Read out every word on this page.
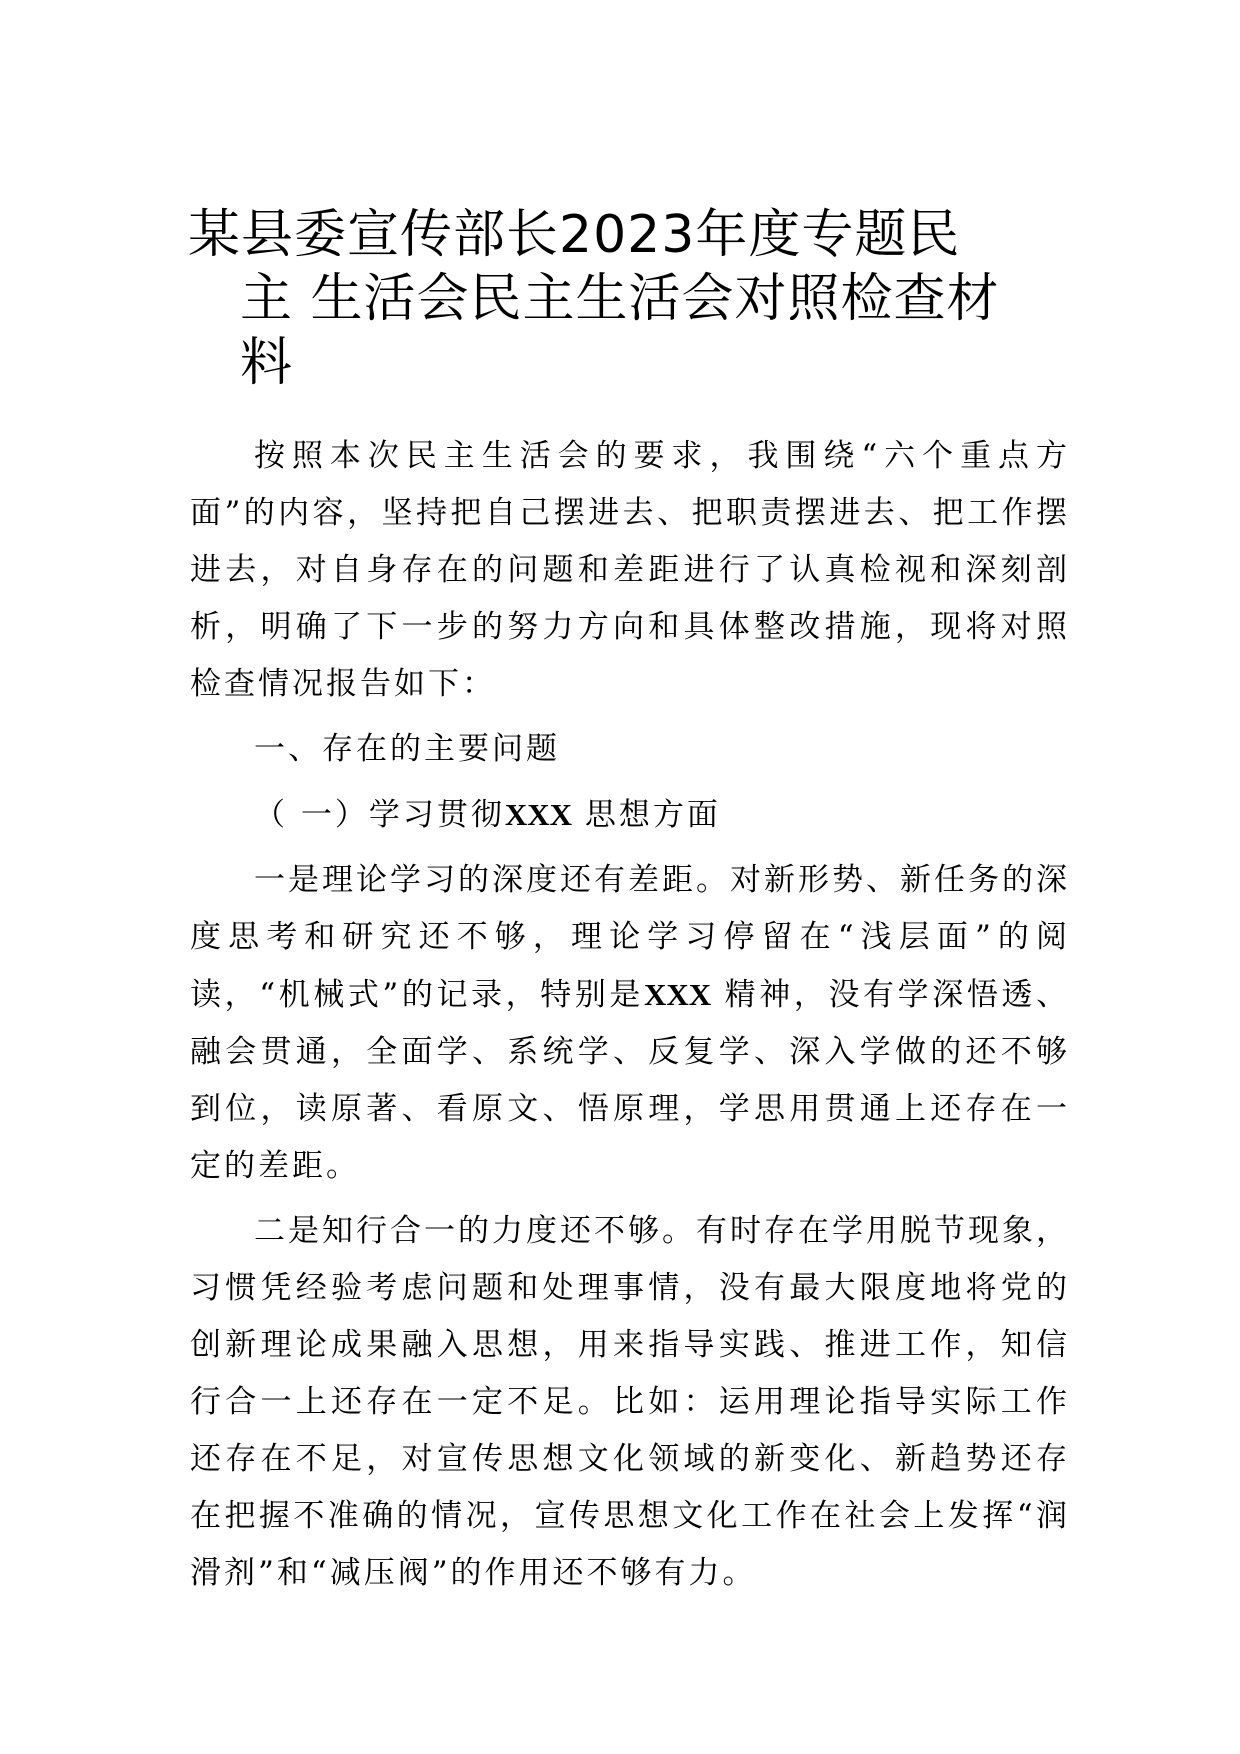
某县委宣传部长2023年度专题民
主 生活会民主生活会对照检查材
料

按照本次民主生活会的要求，我围绕“六个重点方面”的内容，坚持把自己摆进去、把职责摆进去、把工作摆进去，对自身存在的问题和差距进行了认真检视和深刻剖析，明确了下一步的努力方向和具体整改措施，现将对照检查情况报告如下：

一、存在的主要问题

（ 一）学习贯彻XXX 思想方面

一是理论学习的深度还有差距。对新形势、新任务的深度思考和研究还不够，理论学习停留在“浅层面”的阅读，“机械式”的记录，特别是XXX 精神，没有学深悟透、融会贯通，全面学、系统学、反复学、深入学做的还不够到位，读原著、看原文、悟原理，学思用贯通上还存在一定的差距。

二是知行合一的力度还不够。有时存在学用脱节现象，习惯凭经验考虑问题和处理事情，没有最大限度地将党的创新理论成果融入思想，用来指导实践、推进工作，知信行合一上还存在一定不足。比如：运用理论指导实际工作还存在不足，对宣传思想文化领域的新变化、新趋势还存在把握不准确的情况，宣传思想文化工作在社会上发挥“润滑剂”和“减压阀”的作用还不够有力。
